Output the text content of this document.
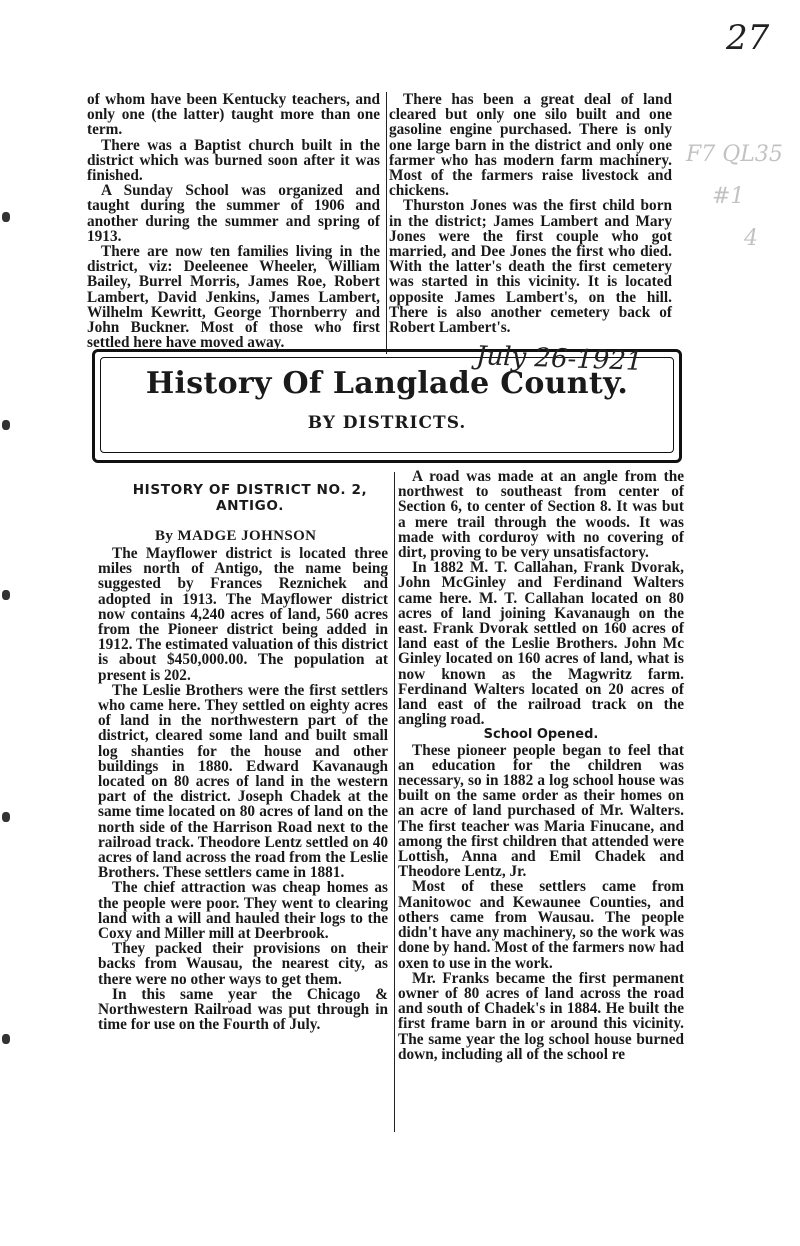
27
F7 QL35
#1
4

of whom have been Kentucky teachers, and only one (the latter) taught more than one term.

There was a Baptist church built in the district which was burned soon after it was finished.

A Sunday School was organized and taught during the summer of 1906 and another during the summer and spring of 1913.

There are now ten families living in the district, viz: Deeleenee Wheeler, William Bailey, Burrel Morris, James Roe, Robert Lambert, David Jenkins, James Lambert, Wilhelm Kewritt, George Thornberry and John Buckner. Most of those who first settled here have moved away.

There has been a great deal of land cleared but only one silo built and one gasoline engine purchased. There is only one large barn in the district and only one farmer who has modern farm machinery. Most of the farmers raise livestock and chickens.

Thurston Jones was the first child born in the district; James Lambert and Mary Jones were the first couple who got married, and Dee Jones the first who died. With the latter's death the first cemetery was started in this vicinity. It is located opposite James Lambert's, on the hill. There is also another cemetery back of Robert Lambert's.

History Of Langlade County.
BY DISTRICTS.
July 26-1921
HISTORY OF DISTRICT NO. 2,
ANTIGO.
By MADGE JOHNSON

The Mayflower district is located three miles north of Antigo, the name being suggested by Frances Reznichek and adopted in 1913. The Mayflower district now contains 4,240 acres of land, 560 acres from the Pioneer district being added in 1912. The estimated valuation of this district is about $450,000.00. The population at present is 202.

The Leslie Brothers were the first settlers who came here. They settled on eighty acres of land in the northwestern part of the district, cleared some land and built small log shanties for the house and other buildings in 1880. Edward Kavanaugh located on 80 acres of land in the western part of the district. Joseph Chadek at the same time located on 80 acres of land on the north side of the Harrison Road next to the railroad track. Theodore Lentz settled on 40 acres of land across the road from the Leslie Brothers. These settlers came in 1881.

The chief attraction was cheap homes as the people were poor. They went to clearing land with a will and hauled their logs to the Coxy and Miller mill at Deerbrook.

They packed their provisions on their backs from Wausau, the nearest city, as there were no other ways to get them.

In this same year the Chicago & Northwestern Railroad was put through in time for use on the Fourth of July.

A road was made at an angle from the northwest to southeast from center of Section 6, to center of Section 8. It was but a mere trail through the woods. It was made with corduroy with no covering of dirt, proving to be very unsatisfactory.

In 1882 M. T. Callahan, Frank Dvorak, John McGinley and Ferdinand Walters came here. M. T. Callahan located on 80 acres of land joining Kavanaugh on the east. Frank Dvorak settled on 160 acres of land east of the Leslie Brothers. John Mc Ginley located on 160 acres of land, what is now known as the Magwritz farm. Ferdinand Walters located on 20 acres of land east of the railroad track on the angling road.

School Opened.

These pioneer people began to feel that an education for the children was necessary, so in 1882 a log school house was built on the same order as their homes on an acre of land purchased of Mr. Walters. The first teacher was Maria Finucane, and among the first children that attended were Lottish, Anna and Emil Chadek and Theodore Lentz, Jr.

Most of these settlers came from Manitowoc and Kewaunee Counties, and others came from Wausau. The people didn't have any machinery, so the work was done by hand. Most of the farmers now had oxen to use in the work.

Mr. Franks became the first permanent owner of 80 acres of land across the road and south of Chadek's in 1884. He built the first frame barn in or around this vicinity. The same year the log school house burned down, including all of the school re
